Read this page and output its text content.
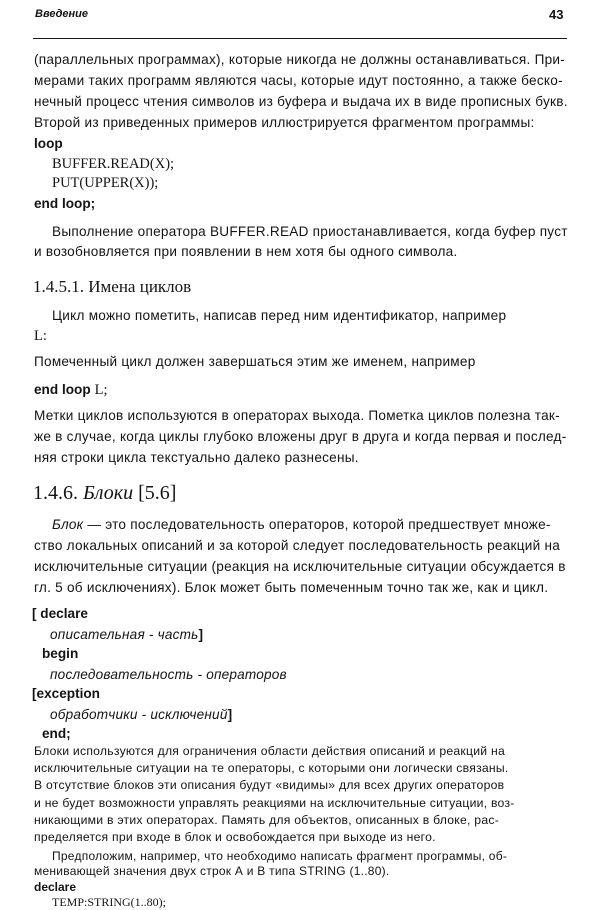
Введение	43
(параллельных программах), которые никогда не должны останавливаться. При-
мерами таких программ являются часы, которые идут постоянно, а также беско-
нечный процесс чтения символов из буфера и выдача их в виде прописных букв.
Второй из приведенных примеров иллюстрируется фрагментом программы:
loop
BUFFER.READ(X);
PUT(UPPER(X));
end loop;
Выполнение оператора BUFFER.READ приостанавливается, когда буфер пуст
и возобновляется при появлении в нем хотя бы одного символа.
1.4.5.1. Имена циклов
Цикл можно пометить, написав перед ним идентификатор, например
L:
Помеченный цикл должен завершаться этим же именем, например
end loop L;
Метки циклов используются в операторах выхода. Пометка циклов полезна так-
же в случае, когда циклы глубоко вложены друг в друга и когда первая и послед-
няя строки цикла текстуально далеко разнесены.
1.4.6. Блоки [5.6]
Блок — это последовательность операторов, которой предшествует множе-
ство локальных описаний и за которой следует последовательность реакций на
исключительные ситуации (реакция на исключительные ситуации обсуждается в
гл. 5 об исключениях). Блок может быть помеченным точно так же, как и цикл.
[ declare
описательная - часть]
begin
последовательность - операторов
[exception
обработчики - исключений]
end;
Блоки используются для ограничения области действия описаний и реакций на
исключительные ситуации на те операторы, с которыми они логически связаны.
В отсутствие блоков эти описания будут «видимы» для всех других операторов
и не будет возможности управлять реакциями на исключительные ситуации, воз-
никающими в этих операторах. Память для объектов, описанных в блоке, рас-
пределяется при входе в блок и освобождается при выходе из него.
Предположим, например, что необходимо написать фрагмент программы, об-
менивающей значения двух строк А и В типа STRING (1..80).
declare
TEMP:STRING(1..80);
